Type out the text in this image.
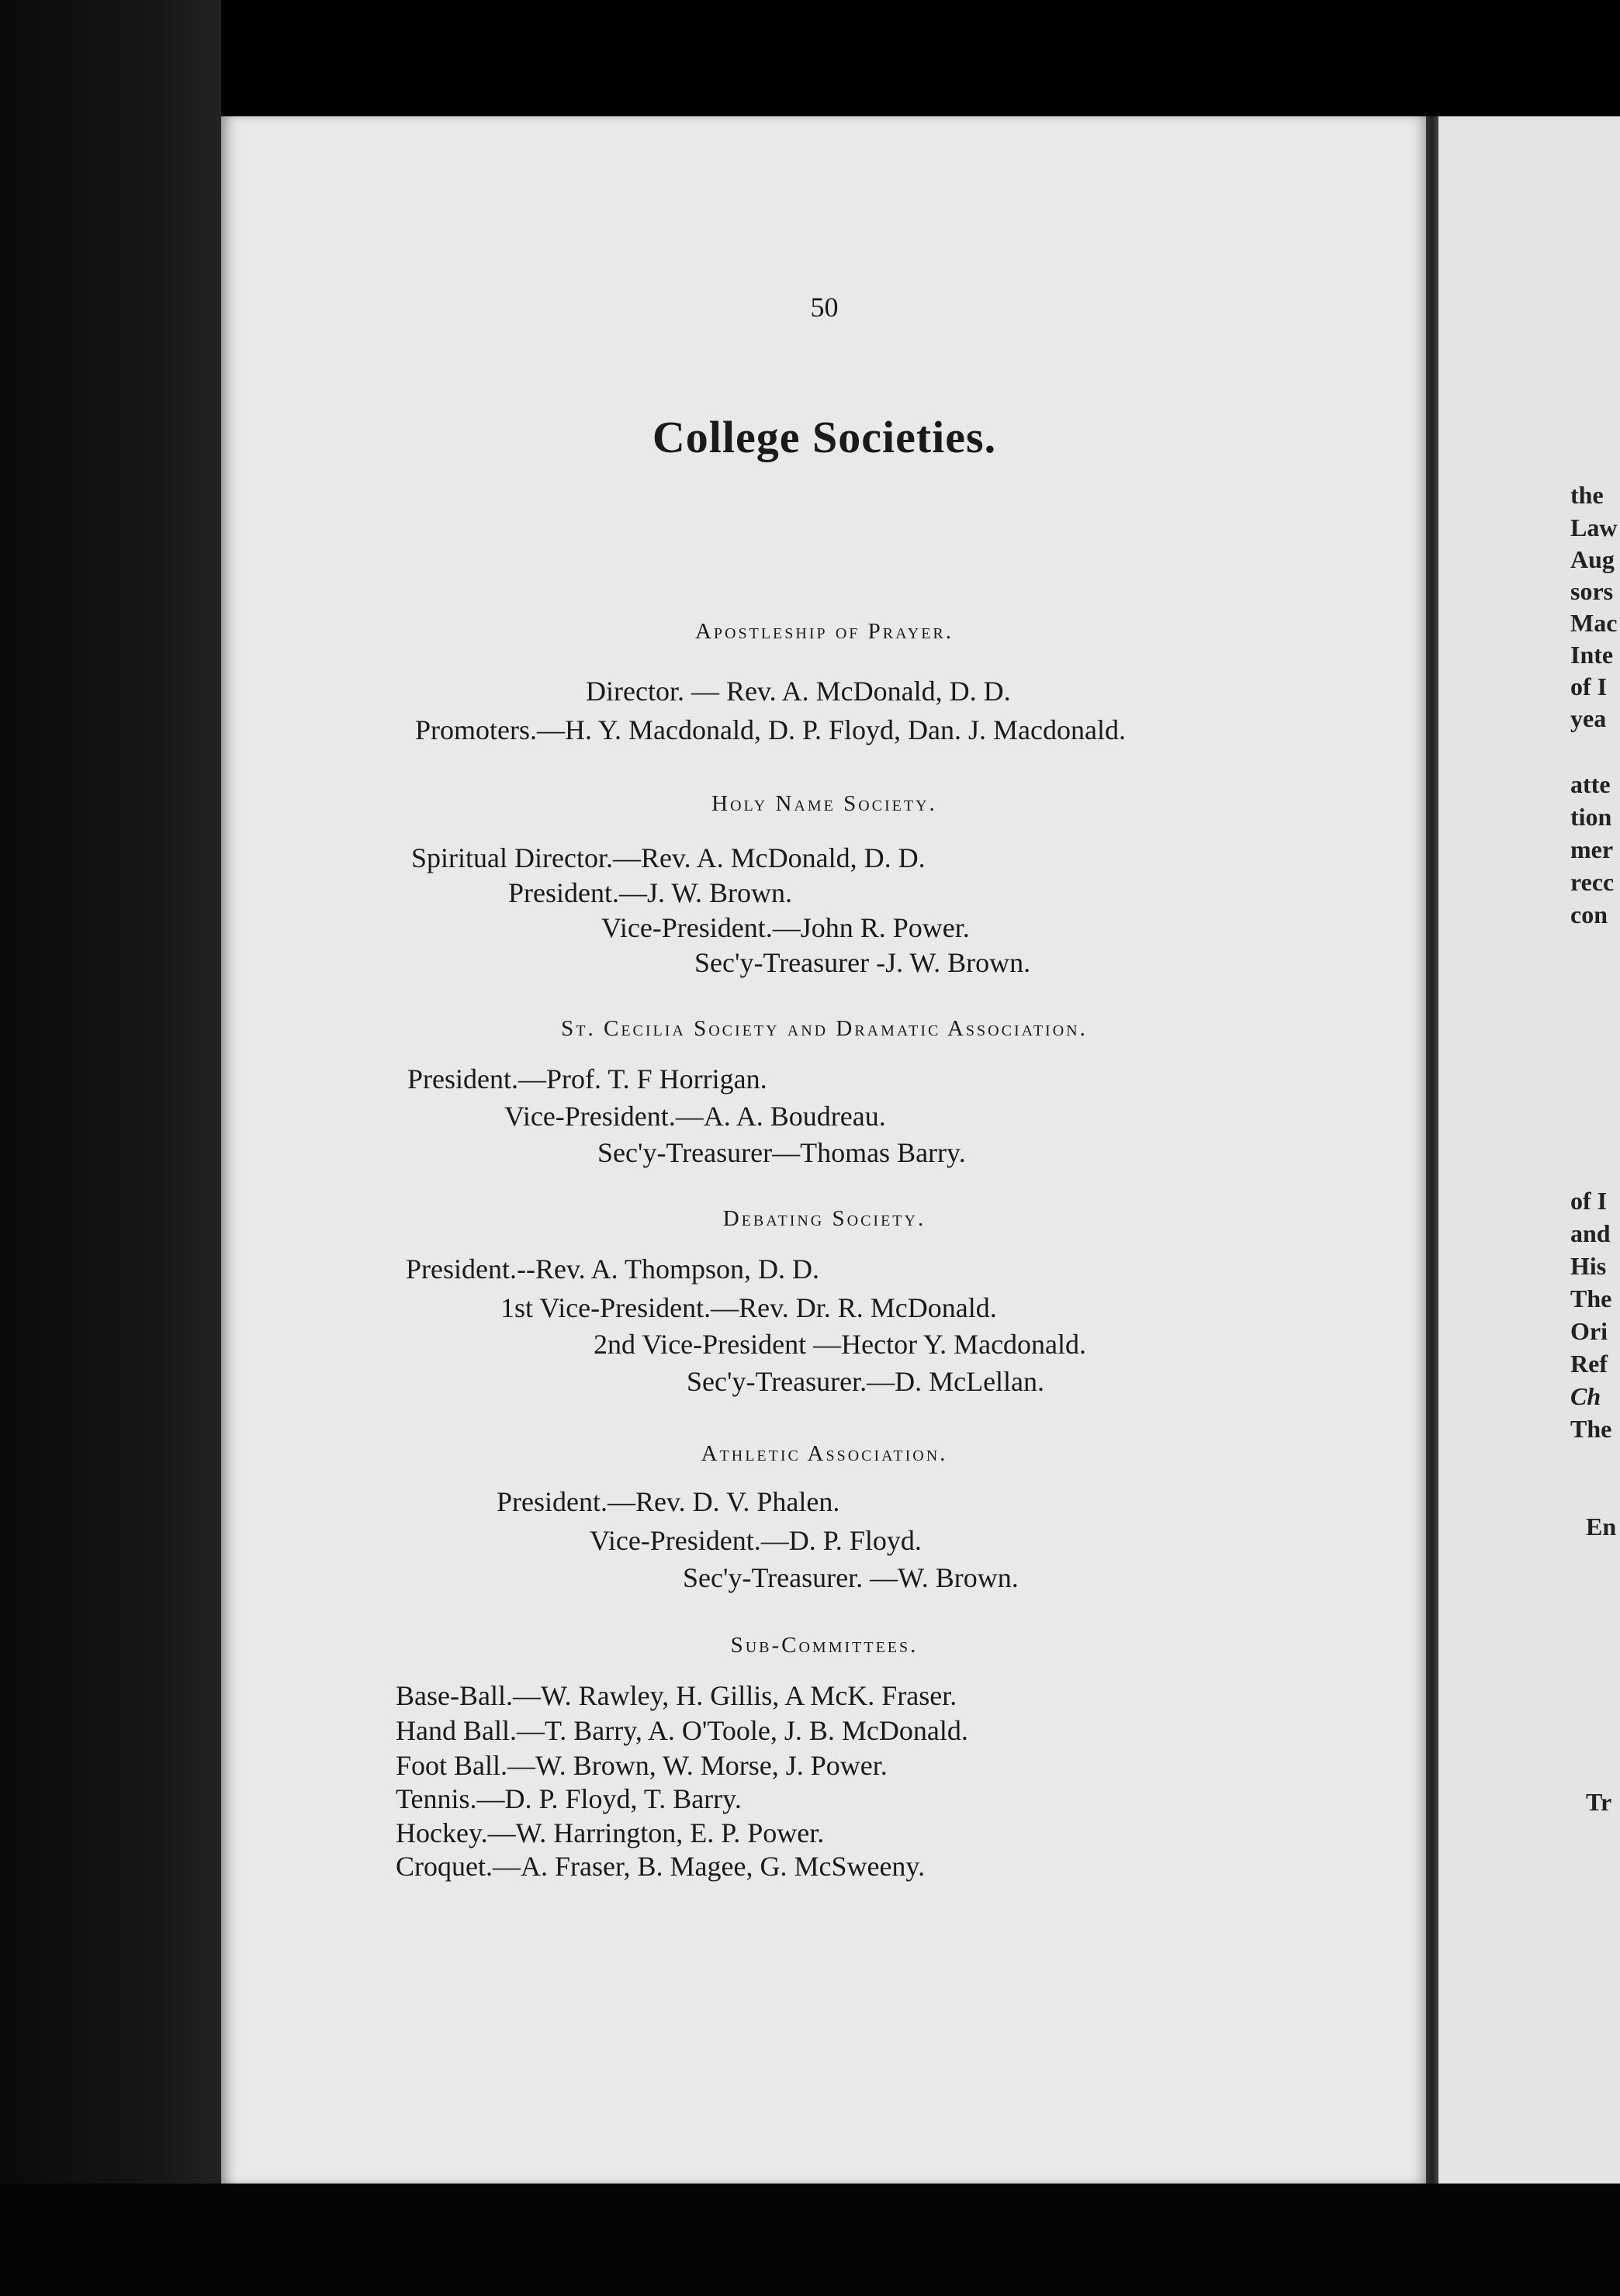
50
College Societies.
Apostleship of Prayer.
Director. — Rev. A. McDonald, D. D.
Promoters.—H. Y. Macdonald, D. P. Floyd, Dan. J. Macdonald.
Holy Name Society.
Spiritual Director.—Rev. A. McDonald, D. D.
President.—J. W. Brown.
Vice-President.—John R. Power.
Sec'y-Treasurer -J. W. Brown.
St. Cecilia Society and Dramatic Association.
President.—Prof. T. F Horrigan.
Vice-President.—A. A. Boudreau.
Sec'y-Treasurer—Thomas Barry.
Debating Society.
President.--Rev. A. Thompson, D. D.
1st Vice-President.—Rev. Dr. R. McDonald.
2nd Vice-President —Hector Y. Macdonald.
Sec'y-Treasurer.—D. McLellan.
Athletic Association.
President.—Rev. D. V. Phalen.
Vice-President.—D. P. Floyd.
Sec'y-Treasurer. —W. Brown.
Sub-Committees.
Base-Ball.—W. Rawley, H. Gillis, A McK. Fraser.
Hand Ball.—T. Barry, A. O'Toole, J. B. McDonald.
Foot Ball.—W. Brown, W. Morse, J. Power.
Tennis.—D. P. Floyd, T. Barry.
Hockey.—W. Harrington, E. P. Power.
Croquet.—A. Fraser, B. Magee, G. McSweeny.
the
Law
Aug
sors
Mac
Inte
of I
yea
atte
tion
mer
recc
con
of I
and
His
The
Ori
Ref
Ch
The
En
Tr
